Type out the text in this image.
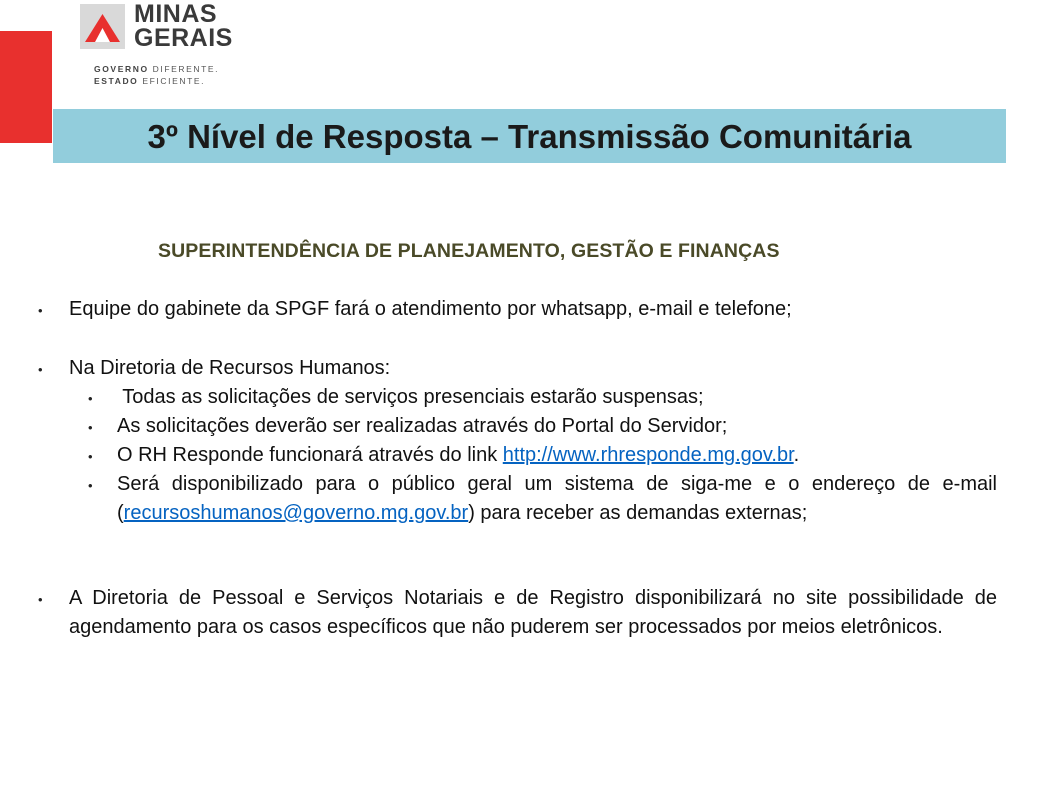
MINAS
GERAIS
GOVERNO DIFERENTE.
ESTADO EFICIENTE.
3º Nível de Resposta – Transmissão Comunitária
SUPERINTENDÊNCIA DE PLANEJAMENTO, GESTÃO E FINANÇAS
• Equipe do gabinete da SPGF fará o atendimento por whatsapp, e-mail e telefone;
• Na Diretoria de Recursos Humanos:
• Todas as solicitações de serviços presenciais estarão suspensas;
• As solicitações deverão ser realizadas através do Portal do Servidor;
• O RH Responde funcionará através do link http://www.rhresponde.mg.gov.br.
• Será disponibilizado para o público geral um sistema de siga-me e o endereço de e-mail (recursoshumanos@governo.mg.gov.br) para receber as demandas externas;
• A Diretoria de Pessoal e Serviços Notariais e de Registro disponibilizará no site possibilidade de agendamento para os casos específicos que não puderem ser processados por meios eletrônicos.
